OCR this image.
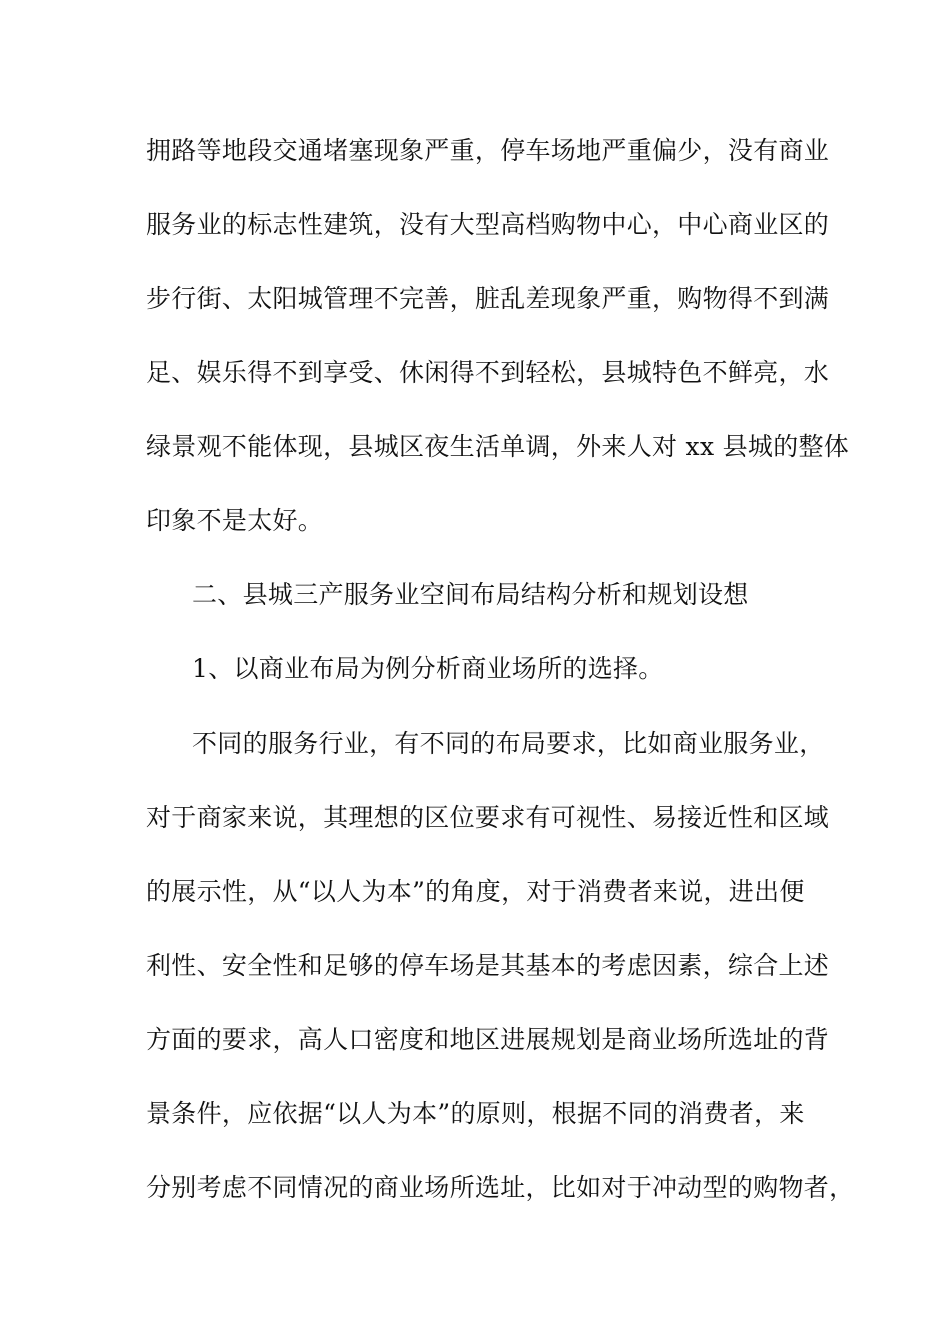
拥路等地段交通堵塞现象严重，停车场地严重偏少，没有商业
服务业的标志性建筑，没有大型高档购物中心，中心商业区的
步行街、太阳城管理不完善，脏乱差现象严重，购物得不到满
足、娱乐得不到享受、休闲得不到轻松，县城特色不鲜亮，水
绿景观不能体现，县城区夜生活单调，外来人对 xx 县城的整体
印象不是太好。
二、县城三产服务业空间布局结构分析和规划设想
1、以商业布局为例分析商业场所的选择。
不同的服务行业，有不同的布局要求，比如商业服务业，
对于商家来说，其理想的区位要求有可视性、易接近性和区域
的展示性，从“以人为本”的角度，对于消费者来说，进出便
利性、安全性和足够的停车场是其基本的考虑因素，综合上述
方面的要求，高人口密度和地区进展规划是商业场所选址的背
景条件，应依据“以人为本”的原则，根据不同的消费者，来
分别考虑不同情况的商业场所选址，比如对于冲动型的购物者，
